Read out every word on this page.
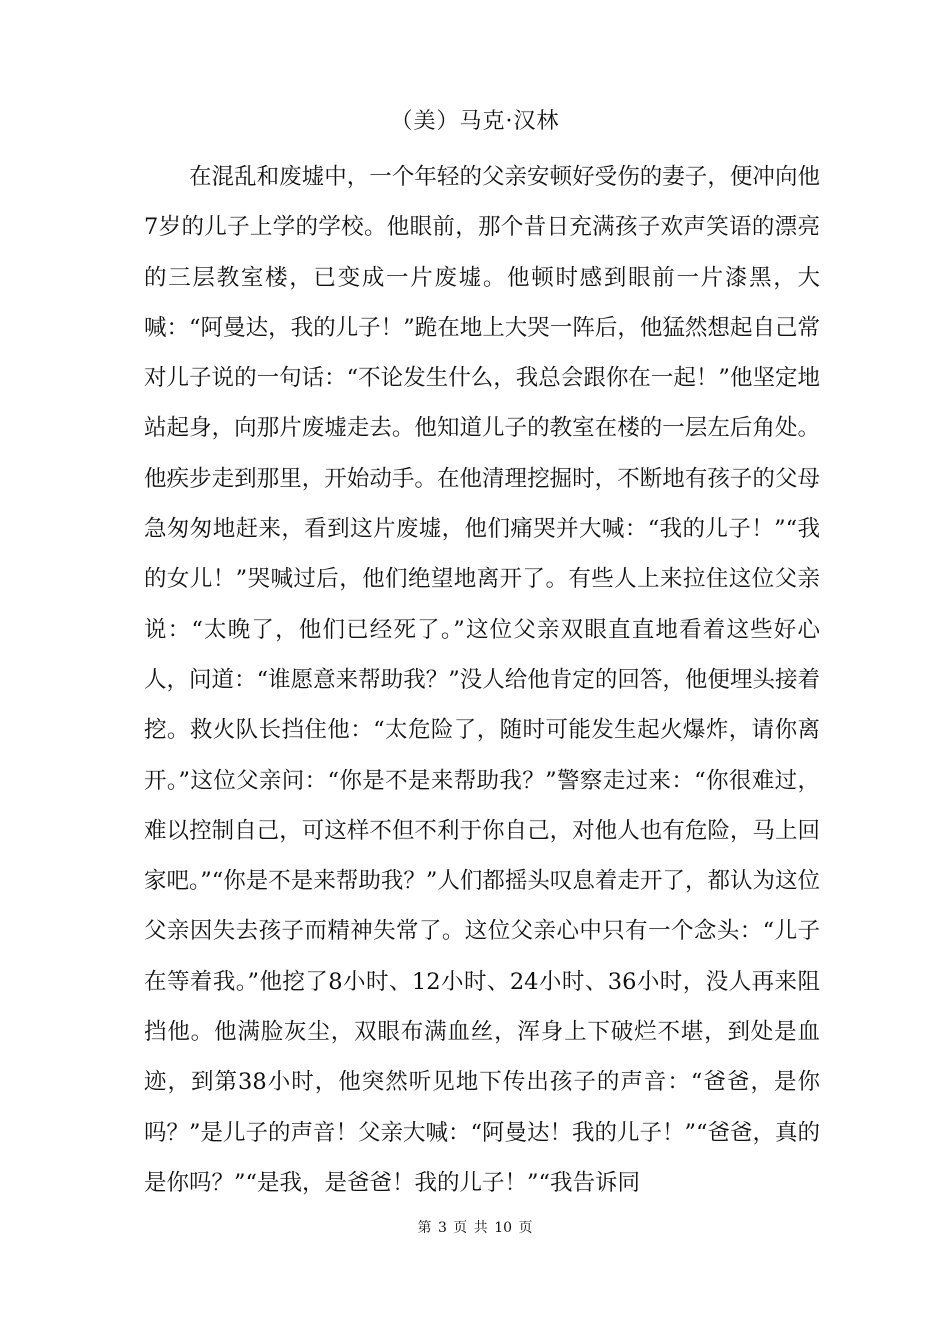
（美）马克·汉林

在混乱和废墟中，一个年轻的父亲安顿好受伤的妻子，便冲向他7岁的儿子上学的学校。他眼前，那个昔日充满孩子欢声笑语的漂亮的三层教室楼，已变成一片废墟。他顿时感到眼前一片漆黑，大喊：“阿曼达，我的儿子！”跪在地上大哭一阵后，他猛然想起自己常对儿子说的一句话：“不论发生什么，我总会跟你在一起！”他坚定地站起身，向那片废墟走去。他知道儿子的教室在楼的一层左后角处。他疾步走到那里，开始动手。在他清理挖掘时，不断地有孩子的父母急匆匆地赶来，看到这片废墟，他们痛哭并大喊：“我的儿子！”“我的女儿！”哭喊过后，他们绝望地离开了。有些人上来拉住这位父亲说：“太晚了，他们已经死了。”这位父亲双眼直直地看着这些好心人，问道：“谁愿意来帮助我？”没人给他肯定的回答，他便埋头接着挖。救火队长挡住他：“太危险了，随时可能发生起火爆炸，请你离开。”这位父亲问：“你是不是来帮助我？”警察走过来：“你很难过，难以控制自己，可这样不但不利于你自己，对他人也有危险，马上回家吧。”“你是不是来帮助我？”人们都摇头叹息着走开了，都认为这位父亲因失去孩子而精神失常了。这位父亲心中只有一个念头：“儿子在等着我。”他挖了8小时、12小时、24小时、36小时，没人再来阻挡他。他满脸灰尘，双眼布满血丝，浑身上下破烂不堪，到处是血迹，到第38小时，他突然听见地下传出孩子的声音：“爸爸，是你吗？”是儿子的声音！父亲大喊：“阿曼达！我的儿子！”“爸爸，真的是你吗？”“是我，是爸爸！我的儿子！”“我告诉同

第 3 页 共 10 页
